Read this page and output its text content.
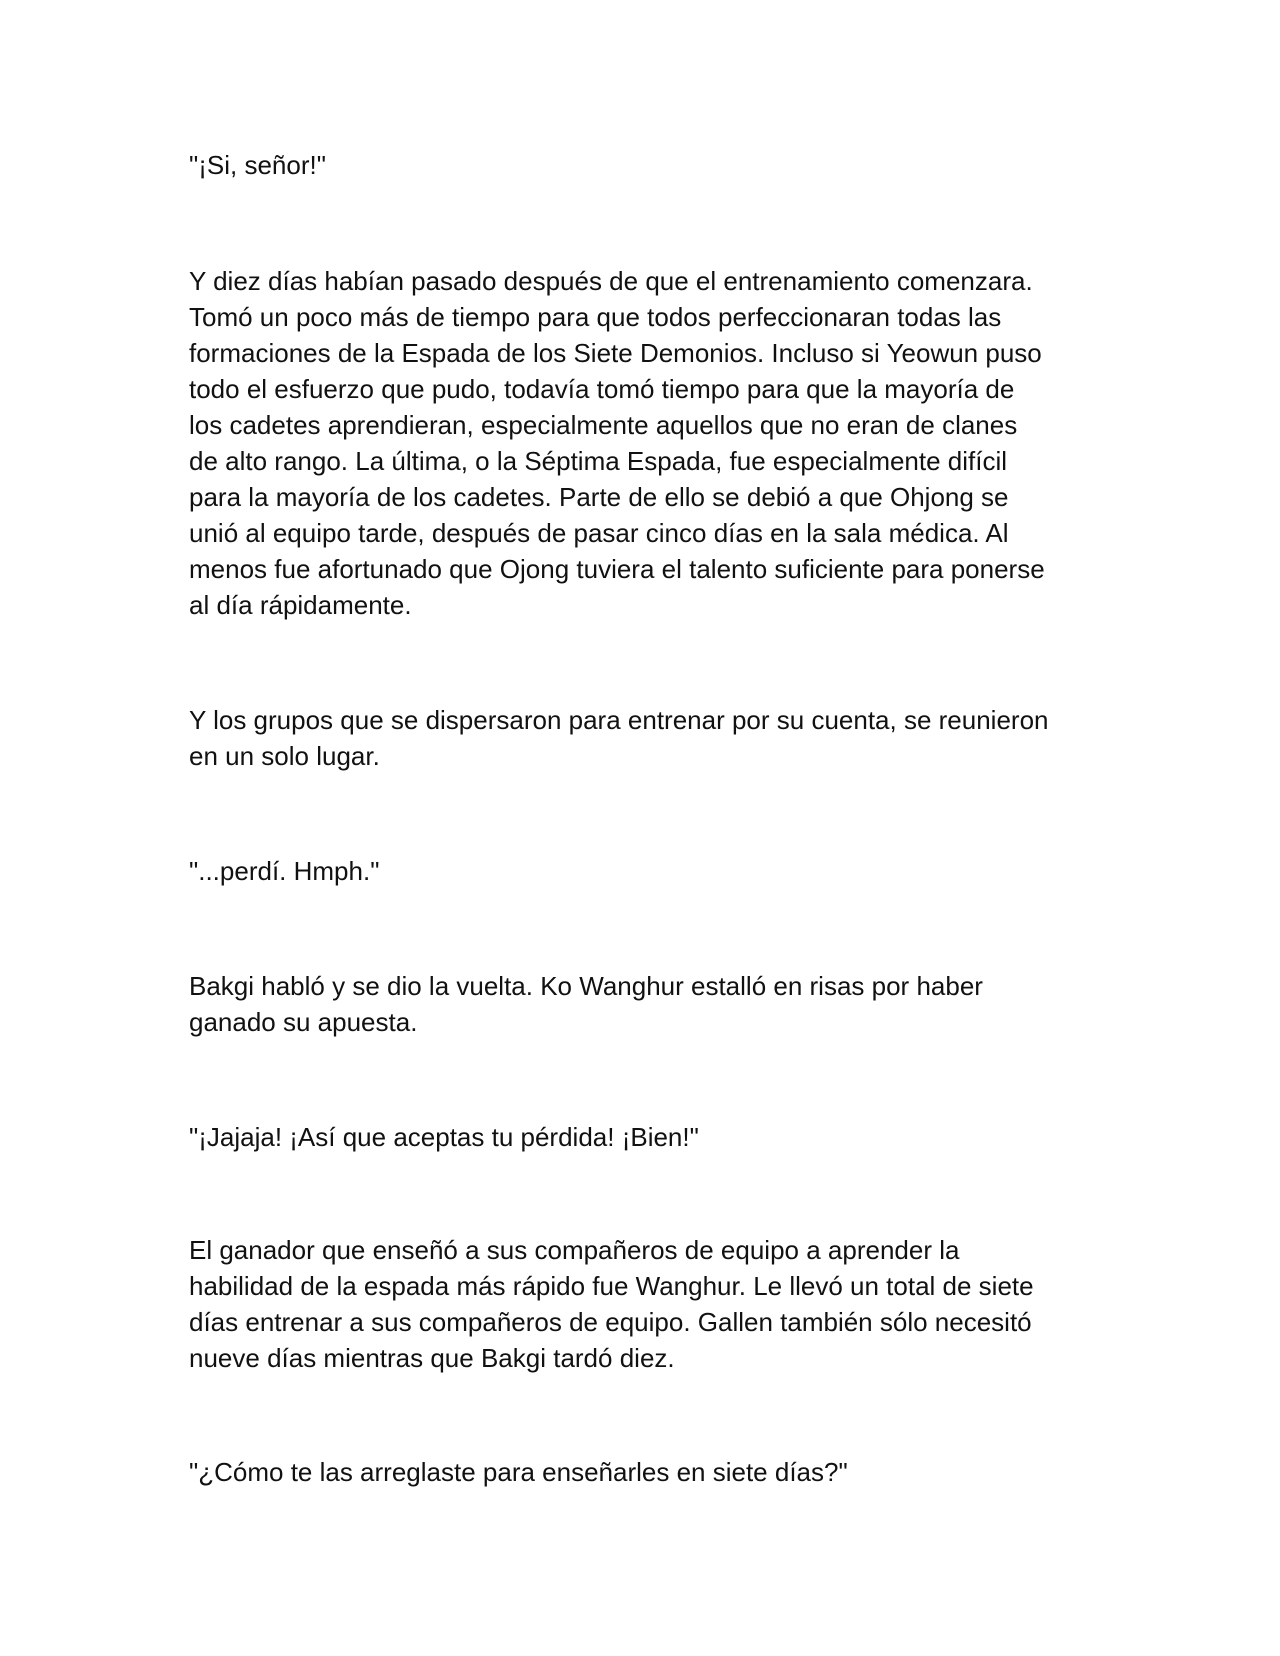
"¡Si, señor!"

Y diez días habían pasado después de que el entrenamiento comenzara.
Tomó un poco más de tiempo para que todos perfeccionaran todas las
formaciones de la Espada de los Siete Demonios. Incluso si Yeowun puso
todo el esfuerzo que pudo, todavía tomó tiempo para que la mayoría de
los cadetes aprendieran, especialmente aquellos que no eran de clanes
de alto rango. La última, o la Séptima Espada, fue especialmente difícil
para la mayoría de los cadetes. Parte de ello se debió a que Ohjong se
unió al equipo tarde, después de pasar cinco días en la sala médica. Al
menos fue afortunado que Ojong tuviera el talento suficiente para ponerse
al día rápidamente.

Y los grupos que se dispersaron para entrenar por su cuenta, se reunieron
en un solo lugar.

"...perdí. Hmph."

Bakgi habló y se dio la vuelta. Ko Wanghur estalló en risas por haber
ganado su apuesta.

"¡Jajaja! ¡Así que aceptas tu pérdida! ¡Bien!"

El ganador que enseñó a sus compañeros de equipo a aprender la
habilidad de la espada más rápido fue Wanghur. Le llevó un total de siete
días entrenar a sus compañeros de equipo. Gallen también sólo necesitó
nueve días mientras que Bakgi tardó diez.

"¿Cómo te las arreglaste para enseñarles en siete días?"
